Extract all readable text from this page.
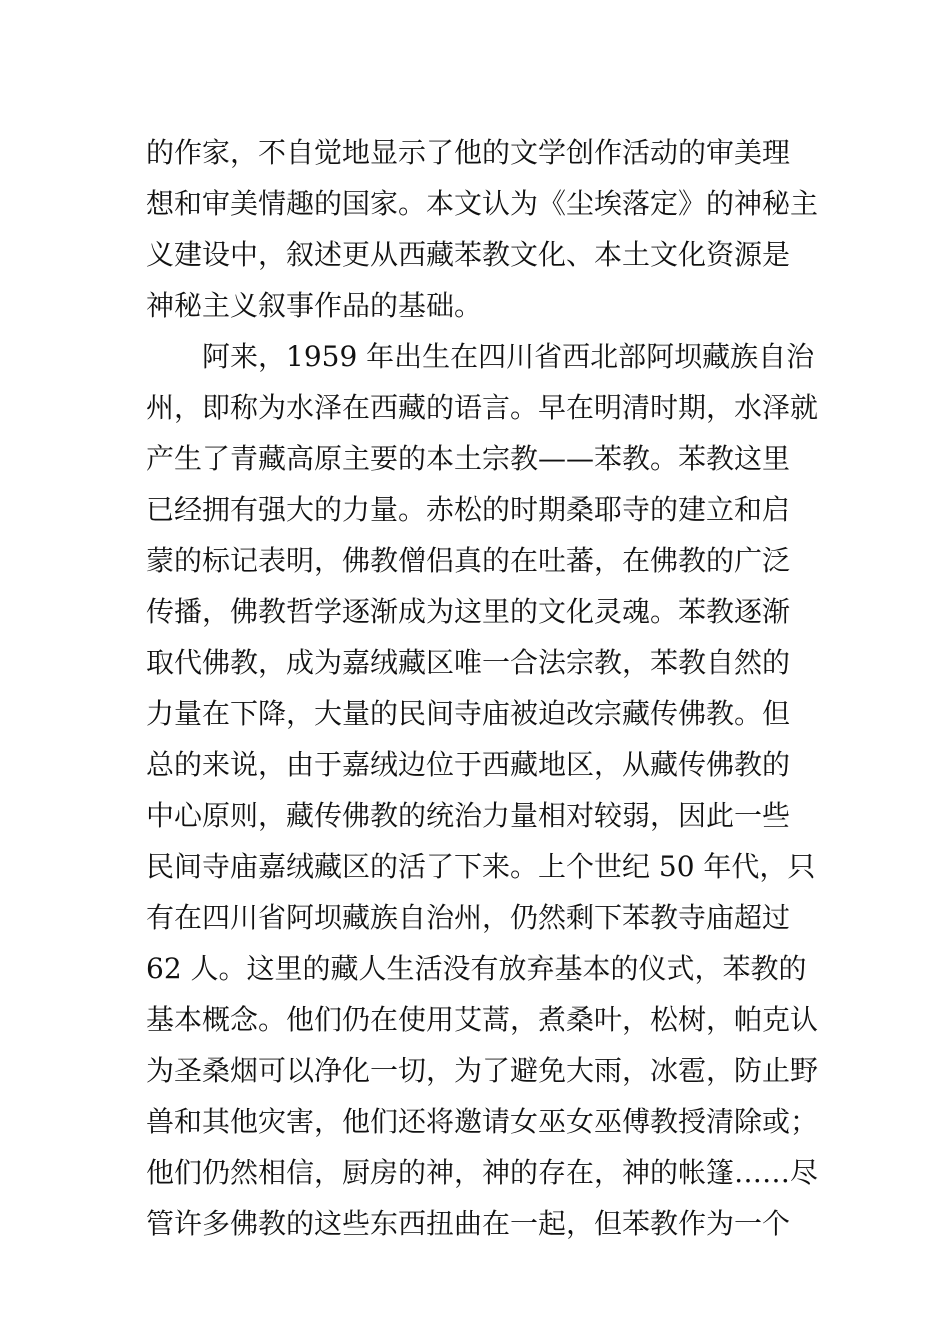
的作家，不自觉地显示了他的文学创作活动的审美理
想和审美情趣的国家。本文认为《尘埃落定》的神秘主
义建设中，叙述更从西藏苯教文化、本土文化资源是
神秘主义叙事作品的基础。
阿来，1959 年出生在四川省西北部阿坝藏族自治
州，即称为水泽在西藏的语言。早在明清时期，水泽就
产生了青藏高原主要的本土宗教——苯教。苯教这里
已经拥有强大的力量。赤松的时期桑耶寺的建立和启
蒙的标记表明，佛教僧侣真的在吐蕃，在佛教的广泛
传播，佛教哲学逐渐成为这里的文化灵魂。苯教逐渐
取代佛教，成为嘉绒藏区唯一合法宗教，苯教自然的
力量在下降，大量的民间寺庙被迫改宗藏传佛教。但
总的来说，由于嘉绒边位于西藏地区，从藏传佛教的
中心原则，藏传佛教的统治力量相对较弱，因此一些
民间寺庙嘉绒藏区的活了下来。上个世纪 50 年代，只
有在四川省阿坝藏族自治州，仍然剩下苯教寺庙超过
62 人。这里的藏人生活没有放弃基本的仪式，苯教的
基本概念。他们仍在使用艾蒿，煮桑叶，松树，帕克认
为圣桑烟可以净化一切，为了避免大雨，冰雹，防止野
兽和其他灾害，他们还将邀请女巫女巫傅教授清除或；
他们仍然相信，厨房的神，神的存在，神的帐篷……尽
管许多佛教的这些东西扭曲在一起，但苯教作为一个
